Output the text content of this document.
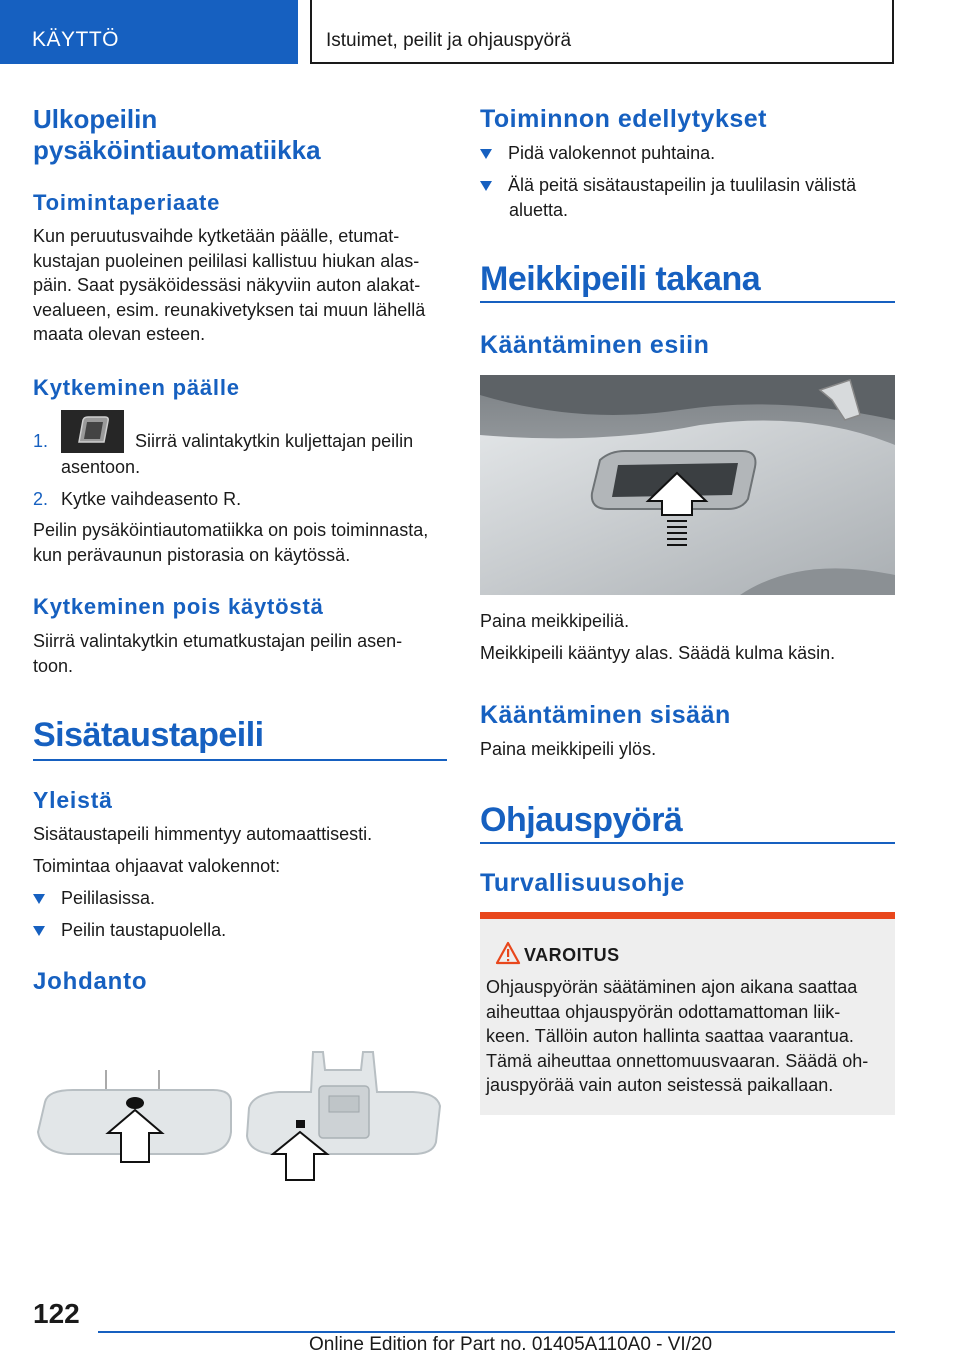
KÄYTTÖ	Istuimet, peilit ja ohjauspyörä
Ulkopeilin
pysäköintiautomatiikka
Toimintaperiaate
Kun peruutusvaihde kytketään päälle, etumat-
kustajan puoleinen peililasi kallistuu hiukan alas-
päin. Saat pysäköidessäsi näkyviin auton alakat-
vealueen, esim. reunakivetyksen tai muun lähellä
maata olevan esteen.
Kytkeminen päälle
1.	Siirrä valintakytkin kuljettajan peilin
asentoon.
2. Kytke vaihdeasento R.
Peilin pysäköintiautomatiikka on pois toiminnasta,
kun perävaunun pistorasia on käytössä.
Kytkeminen pois käytöstä
Siirrä valintakytkin etumatkustajan peilin asen-
toon.
Sisätaustapeili
Yleistä
Sisätaustapeili himmentyy automaattisesti.
Toimintaa ohjaavat valokennot:
Peililasissa.
Peilin taustapuolella.
Johdanto
Toiminnon edellytykset
Pidä valokennot puhtaina.
Älä peitä sisätaustapeilin ja tuulilasin välistä
aluetta.
Meikkipeili takana
Kääntäminen esiin
Paina meikkipeiliä.
Meikkipeili kääntyy alas. Säädä kulma käsin.
Kääntäminen sisään
Paina meikkipeili ylös.
Ohjauspyörä
Turvallisuusohje
VAROITUS
Ohjauspyörän säätäminen ajon aikana saattaa
aiheuttaa ohjauspyörän odottamattoman liik-
keen. Tällöin auton hallinta saattaa vaarantua.
Tämä aiheuttaa onnettomuusvaaran. Säädä oh-
jauspyörää vain auton seistessä paikallaan.
122
Online Edition for Part no. 01405A110A0 - VI/20
